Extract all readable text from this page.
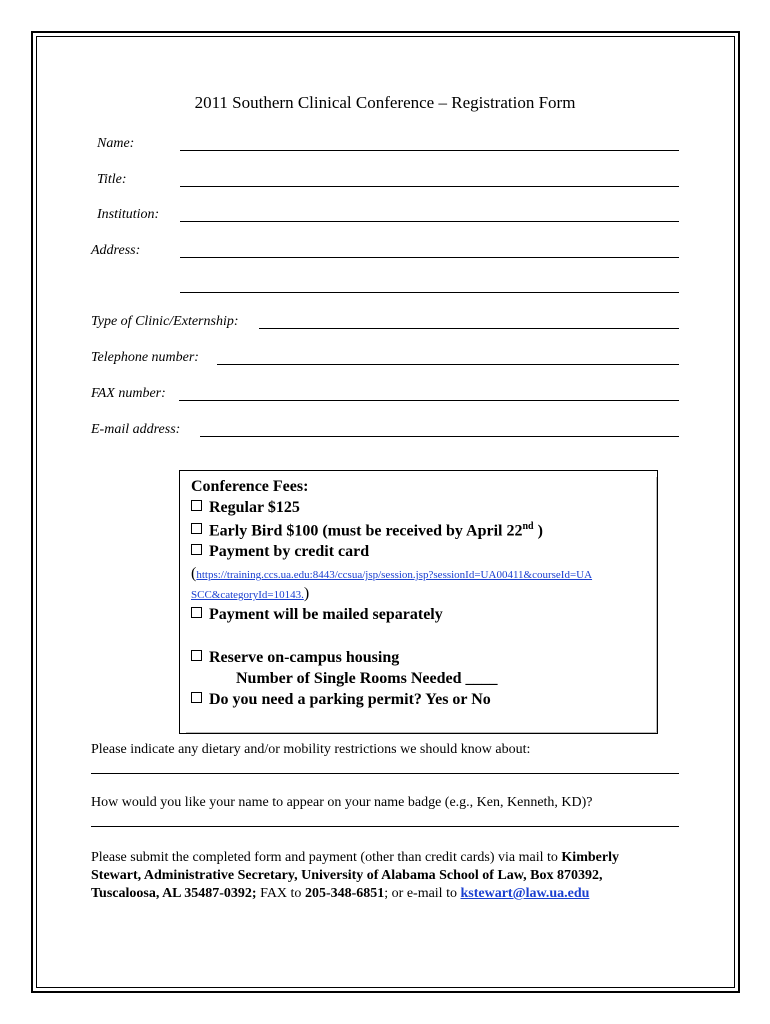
2011 Southern Clinical Conference – Registration Form
Name:
Title:
Institution:
Address:
Type of Clinic/Externship:
Telephone number:
FAX number:
E-mail address:
Conference Fees:
Regular $125
Early Bird $100 (must be received by April 22nd )
Payment by credit card
(https://training.ccs.ua.edu:8443/ccsua/jsp/session.jsp?sessionId=UA00411&courseId=UA
SCC&categoryId=10143.)
Payment will be mailed separately
Reserve on-campus housing
Number of Single Rooms Needed ____
Do you need a parking permit? Yes or No
Please indicate any dietary and/or mobility restrictions we should know about:
How would you like your name to appear on your name badge (e.g., Ken, Kenneth, KD)?
Please submit the completed form and payment (other than credit cards) via mail to Kimberly
Stewart, Administrative Secretary, University of Alabama School of Law, Box 870392,
Tuscaloosa, AL 35487-0392; FAX to 205-348-6851; or e-mail to kstewart@law.ua.edu
